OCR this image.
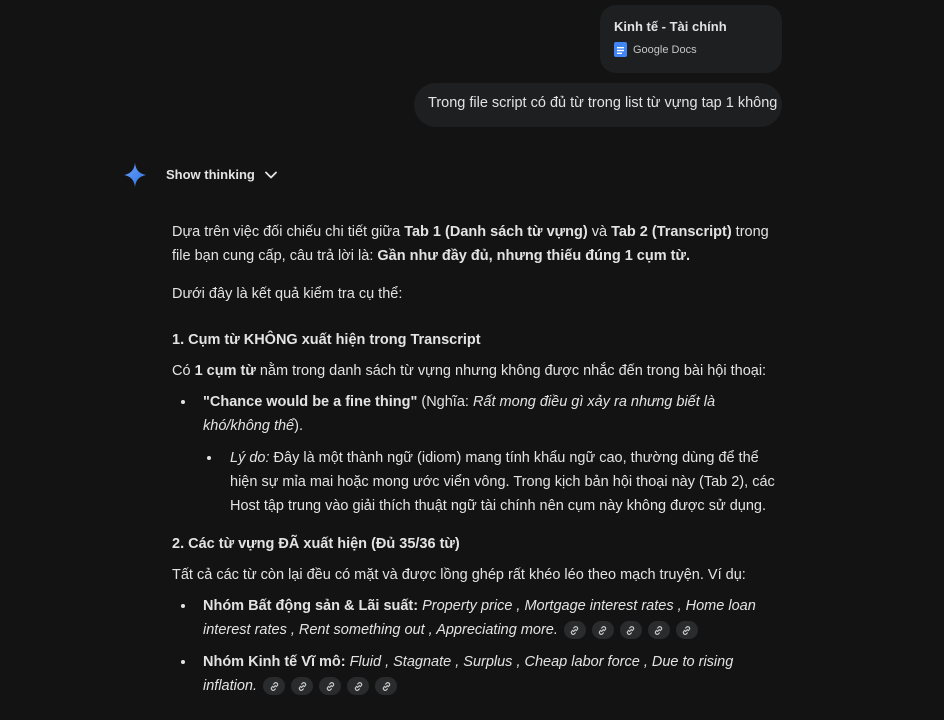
Kinh tế - Tài chính
Google Docs
Trong file script có đủ từ trong list từ vựng tap 1 không
Show thinking

Dựa trên việc đối chiếu chi tiết giữa Tab 1 (Danh sách từ vựng) và Tab 2 (Transcript) trong file bạn cung cấp, câu trả lời là: Gần như đầy đủ, nhưng thiếu đúng 1 cụm từ.

Dưới đây là kết quả kiểm tra cụ thể:

1. Cụm từ KHÔNG xuất hiện trong Transcript

Có 1 cụm từ nằm trong danh sách từ vựng nhưng không được nhắc đến trong bài hội thoại:

"Chance would be a fine thing" (Nghĩa: Rất mong điều gì xảy ra nhưng biết là khó/không thể).
Lý do: Đây là một thành ngữ (idiom) mang tính khẩu ngữ cao, thường dùng để thể hiện sự mỉa mai hoặc mong ước viển vông. Trong kịch bản hội thoại này (Tab 2), các Host tập trung vào giải thích thuật ngữ tài chính nên cụm này không được sử dụng.

2. Các từ vựng ĐÃ xuất hiện (Đủ 35/36 từ)

Tất cả các từ còn lại đều có mặt và được lồng ghép rất khéo léo theo mạch truyện. Ví dụ:

Nhóm Bất động sản & Lãi suất: Property price , Mortgage interest rates , Home loan interest rates , Rent something out , Appreciating more.
Nhóm Kinh tế Vĩ mô: Fluid , Stagnate , Surplus , Cheap labor force , Due to rising inflation.
